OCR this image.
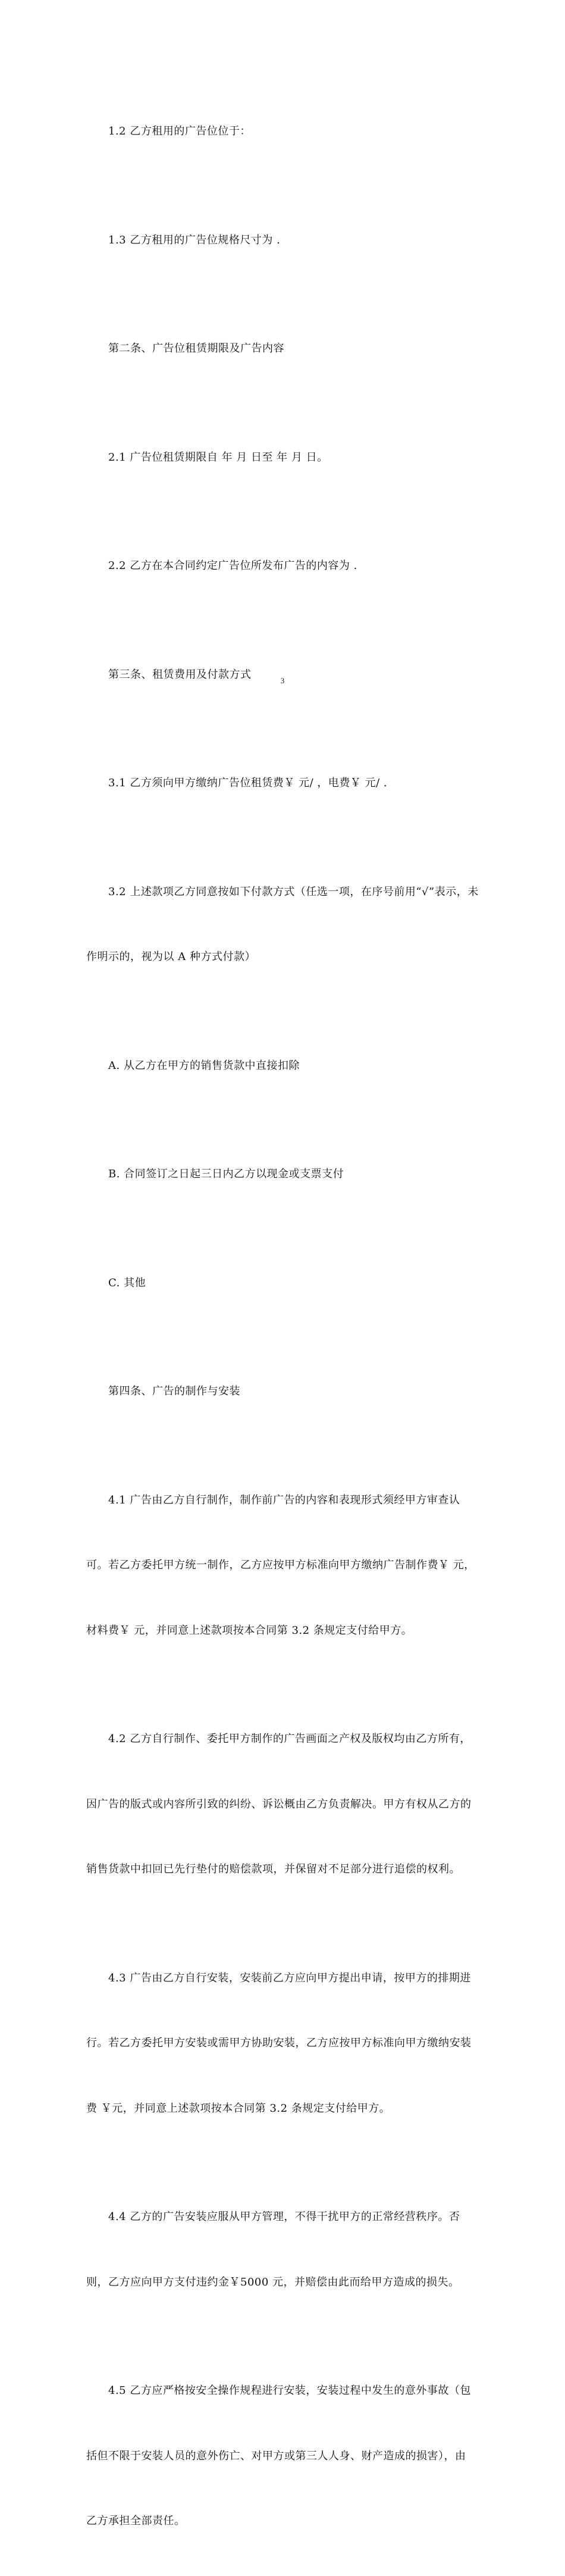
1.2 乙方租用的广告位位于：

1.3 乙方租用的广告位规格尺寸为 .

第二条、广告位租赁期限及广告内容

2.1 广告位租赁期限自 年 月 日至 年 月 日。

2.2 乙方在本合同约定广告位所发布广告的内容为 .

第三条、租赁费用及付款方式

3.1 乙方须向甲方缴纳广告位租赁费￥ 元/ ，电费￥ 元/ .

3.2 上述款项乙方同意按如下付款方式（任选一项，在序号前用“√”表示，未

作明示的，视为以 A 种方式付款）

A. 从乙方在甲方的销售货款中直接扣除

B. 合同签订之日起三日内乙方以现金或支票支付

C. 其他

第四条、广告的制作与安装

4.1 广告由乙方自行制作，制作前广告的内容和表现形式须经甲方审查认

可。若乙方委托甲方统一制作，乙方应按甲方标准向甲方缴纳广告制作费￥ 元，

材料费￥ 元，并同意上述款项按本合同第 3.2 条规定支付给甲方。

4.2 乙方自行制作、委托甲方制作的广告画面之产权及版权均由乙方所有，

因广告的版式或内容所引致的纠纷、诉讼概由乙方负责解决。甲方有权从乙方的

销售货款中扣回已先行垫付的赔偿款项，并保留对不足部分进行追偿的权利。

4.3 广告由乙方自行安装，安装前乙方应向甲方提出申请，按甲方的排期进

行。若乙方委托甲方安装或需甲方协助安装，乙方应按甲方标准向甲方缴纳安装

费 ￥元，并同意上述款项按本合同第 3.2 条规定支付给甲方。

4.4 乙方的广告安装应服从甲方管理，不得干扰甲方的正常经营秩序。否

则，乙方应向甲方支付违约金￥5000 元，并赔偿由此而给甲方造成的损失。

4.5 乙方应严格按安全操作规程进行安装，安装过程中发生的意外事故（包

括但不限于安装人员的意外伤亡、对甲方或第三人人身、财产造成的损害），由

乙方承担全部责任。

3
